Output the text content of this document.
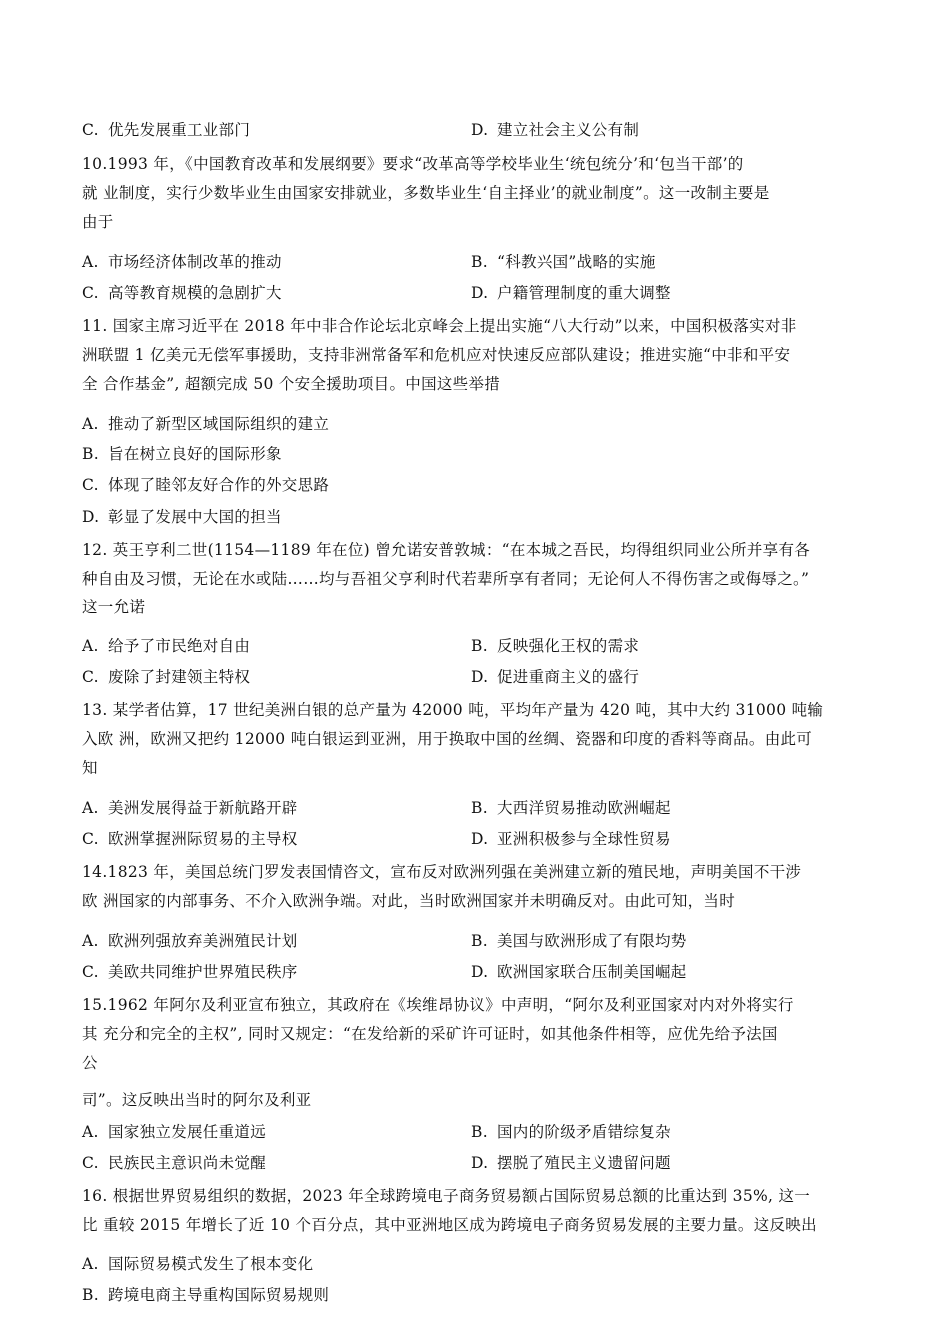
C. 优先发展重工业部门	D. 建立社会主义公有制
10.1993 年，《中国教育改革和发展纲要》要求“改革高等学校毕业生‘统包统分’和‘包当干部’的
就 业制度，实行少数毕业生由国家安排就业，多数毕业生‘自主择业’的就业制度”。这一改制主要是
由于
A. 市场经济体制改革的推动	B. “科教兴国”战略的实施
C. 高等教育规模的急剧扩大	D. 户籍管理制度的重大调整
11. 国家主席习近平在 2018 年中非合作论坛北京峰会上提出实施“八大行动”以来，中国积极落实对非
洲联盟 1 亿美元无偿军事援助，支持非洲常备军和危机应对快速反应部队建设；推进实施“中非和平安
全 合作基金”, 超额完成 50 个安全援助项目。中国这些举措
A. 推动了新型区域国际组织的建立
B. 旨在树立良好的国际形象
C. 体现了睦邻友好合作的外交思路
D. 彰显了发展中大国的担当
12. 英王亨利二世(1154—1189 年在位) 曾允诺安普敦城：“在本城之吾民，均得组织同业公所并享有各
种自由及习惯，无论在水或陆……均与吾祖父亨利时代若辈所享有者同；无论何人不得伤害之或侮辱之。”
这一允诺
A. 给予了市民绝对自由	B. 反映强化王权的需求
C. 废除了封建领主特权	D. 促进重商主义的盛行
13. 某学者估算，17 世纪美洲白银的总产量为 42000 吨，平均年产量为 420 吨，其中大约 31000 吨输
入欧 洲，欧洲又把约 12000 吨白银运到亚洲，用于换取中国的丝绸、瓷器和印度的香料等商品。由此可
知
A. 美洲发展得益于新航路开辟	B. 大西洋贸易推动欧洲崛起
C. 欧洲掌握洲际贸易的主导权	D. 亚洲积极参与全球性贸易
14.1823 年，美国总统门罗发表国情咨文，宣布反对欧洲列强在美洲建立新的殖民地，声明美国不干涉
欧 洲国家的内部事务、不介入欧洲争端。对此，当时欧洲国家并未明确反对。由此可知，当时
A. 欧洲列强放弃美洲殖民计划	B. 美国与欧洲形成了有限均势
C. 美欧共同维护世界殖民秩序	D. 欧洲国家联合压制美国崛起
15.1962 年阿尔及利亚宣布独立，其政府在《埃维昂协议》中声明，“阿尔及利亚国家对内对外将实行
其 充分和完全的主权”, 同时又规定：“在发给新的采矿许可证时，如其他条件相等，应优先给予法国
公
司”。这反映出当时的阿尔及利亚
A. 国家独立发展任重道远	B. 国内的阶级矛盾错综复杂
C. 民族民主意识尚未觉醒	D. 摆脱了殖民主义遗留问题
16. 根据世界贸易组织的数据，2023 年全球跨境电子商务贸易额占国际贸易总额的比重达到 35%, 这一
比 重较 2015 年增长了近 10 个百分点，其中亚洲地区成为跨境电子商务贸易发展的主要力量。这反映出
A. 国际贸易模式发生了根本变化
B. 跨境电商主导重构国际贸易规则
